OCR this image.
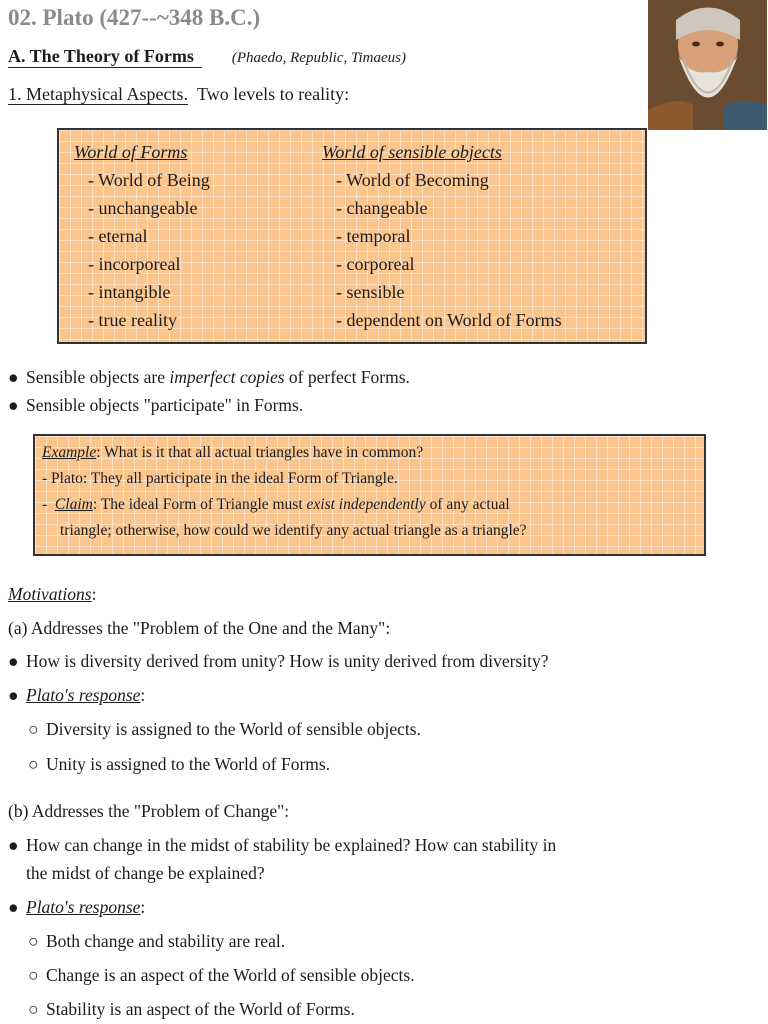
02. Plato (427--~348 B.C.)
A. The Theory of Forms	(Phaedo, Republic, Timaeus)
1. Metaphysical Aspects. Two levels to reality:
World of Forms
- World of Being
- unchangeable
- eternal
- incorporeal
- intangible
- true reality
World of sensible objects
- World of Becoming
- changeable
- temporal
- corporeal
- sensible
- dependent on World of Forms
● Sensible objects are imperfect copies of perfect Forms.
● Sensible objects "participate" in Forms.
Example: What is it that all actual triangles have in common?
- Plato: They all participate in the ideal Form of Triangle.
-  Claim: The ideal Form of Triangle must exist independently of any actual
triangle; otherwise, how could we identify any actual triangle as a triangle?
Motivations:
(a) Addresses the "Problem of the One and the Many":
● How is diversity derived from unity? How is unity derived from diversity?
● Plato's response:
○ Diversity is assigned to the World of sensible objects.
○ Unity is assigned to the World of Forms.
(b) Addresses the "Problem of Change":
● How can change in the midst of stability be explained? How can stability in
the midst of change be explained?
● Plato's response:
○ Both change and stability are real.
○ Change is an aspect of the World of sensible objects.
○ Stability is an aspect of the World of Forms.
